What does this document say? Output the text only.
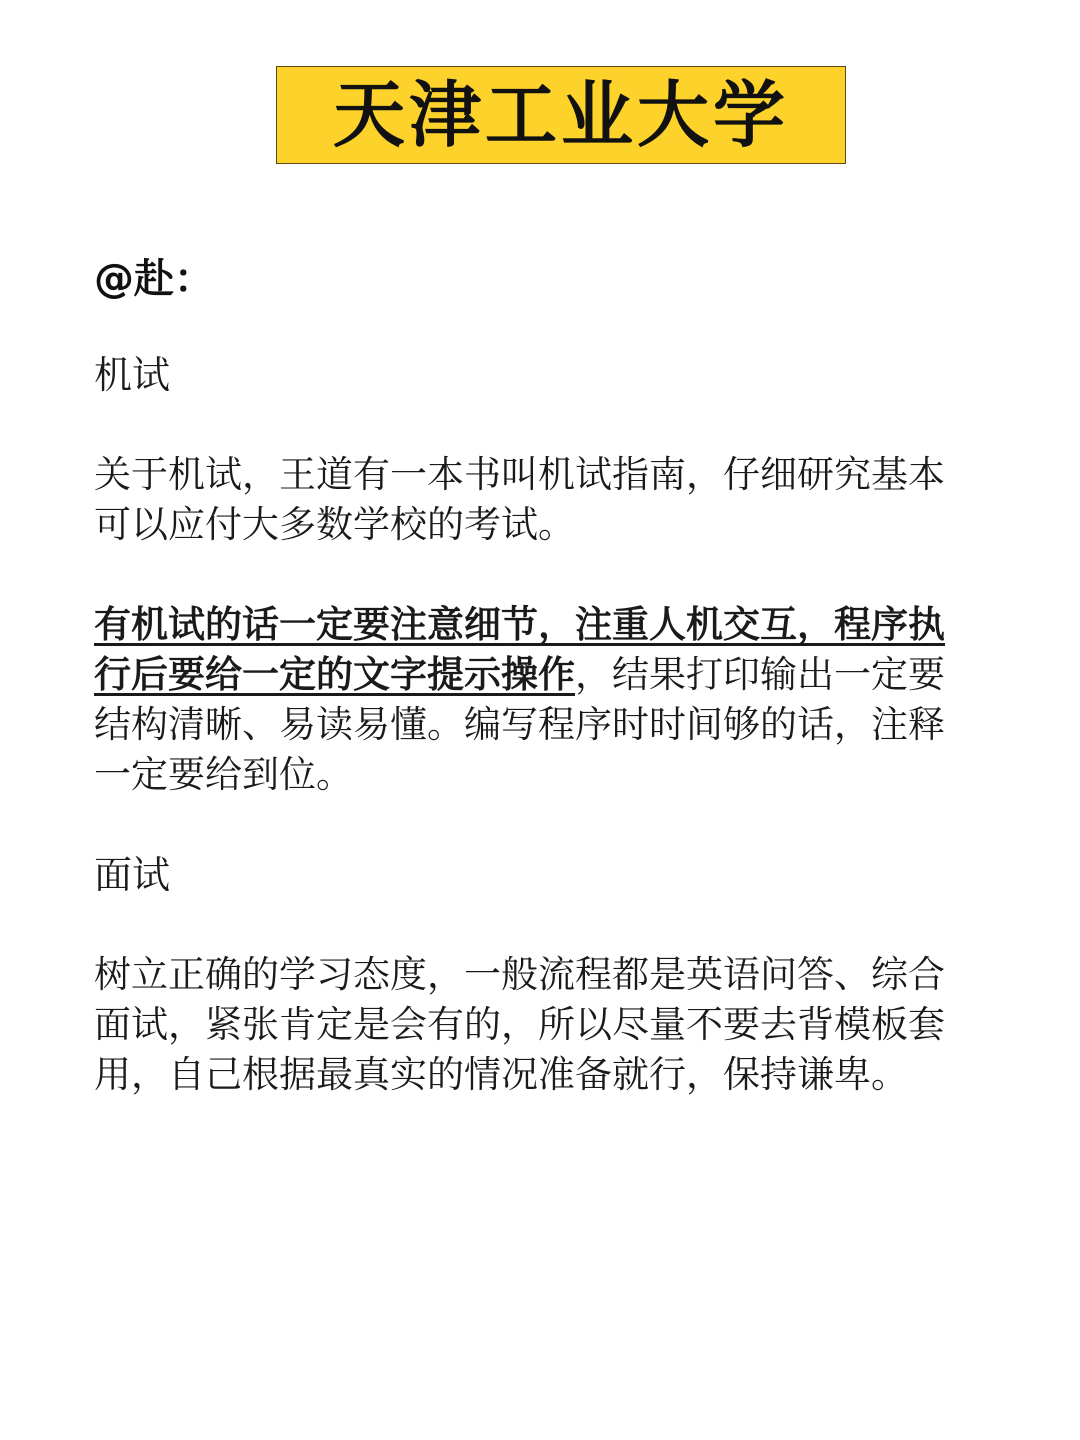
天津工业大学
@赴：
机试
关于机试，王道有一本书叫机试指南，仔细研究基本可以应付大多数学校的考试。
有机试的话一定要注意细节，注重人机交互，程序执行后要给一定的文字提示操作，结果打印输出一定要结构清晰、易读易懂。编写程序时时间够的话，注释一定要给到位。
面试
树立正确的学习态度，一般流程都是英语问答、综合面试，紧张肯定是会有的，所以尽量不要去背模板套用，自己根据最真实的情况准备就行，保持谦卑。
